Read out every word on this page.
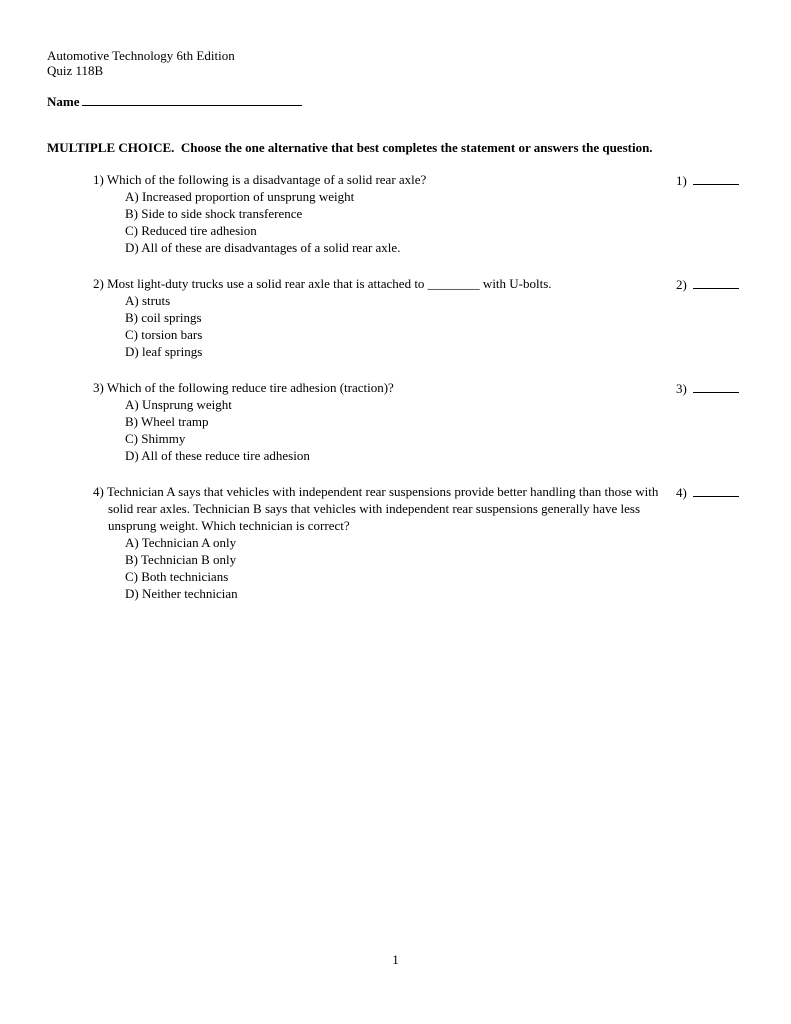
Automotive Technology 6th Edition
Quiz 118B
Name
MULTIPLE CHOICE.  Choose the one alternative that best completes the statement or answers the question.
1) Which of the following is a disadvantage of a solid rear axle?
A) Increased proportion of unsprung weight
B) Side to side shock transference
C) Reduced tire adhesion
D) All of these are disadvantages of a solid rear axle.
1)
2) Most light-duty trucks use a solid rear axle that is attached to ________ with U-bolts.
A) struts
B) coil springs
C) torsion bars
D) leaf springs
2)
3) Which of the following reduce tire adhesion (traction)?
A) Unsprung weight
B) Wheel tramp
C) Shimmy
D) All of these reduce tire adhesion
3)
4) Technician A says that vehicles with independent rear suspensions provide better handling than those with solid rear axles. Technician B says that vehicles with independent rear suspensions generally have less unsprung weight. Which technician is correct?
A) Technician A only
B) Technician B only
C) Both technicians
D) Neither technician
4)
1
